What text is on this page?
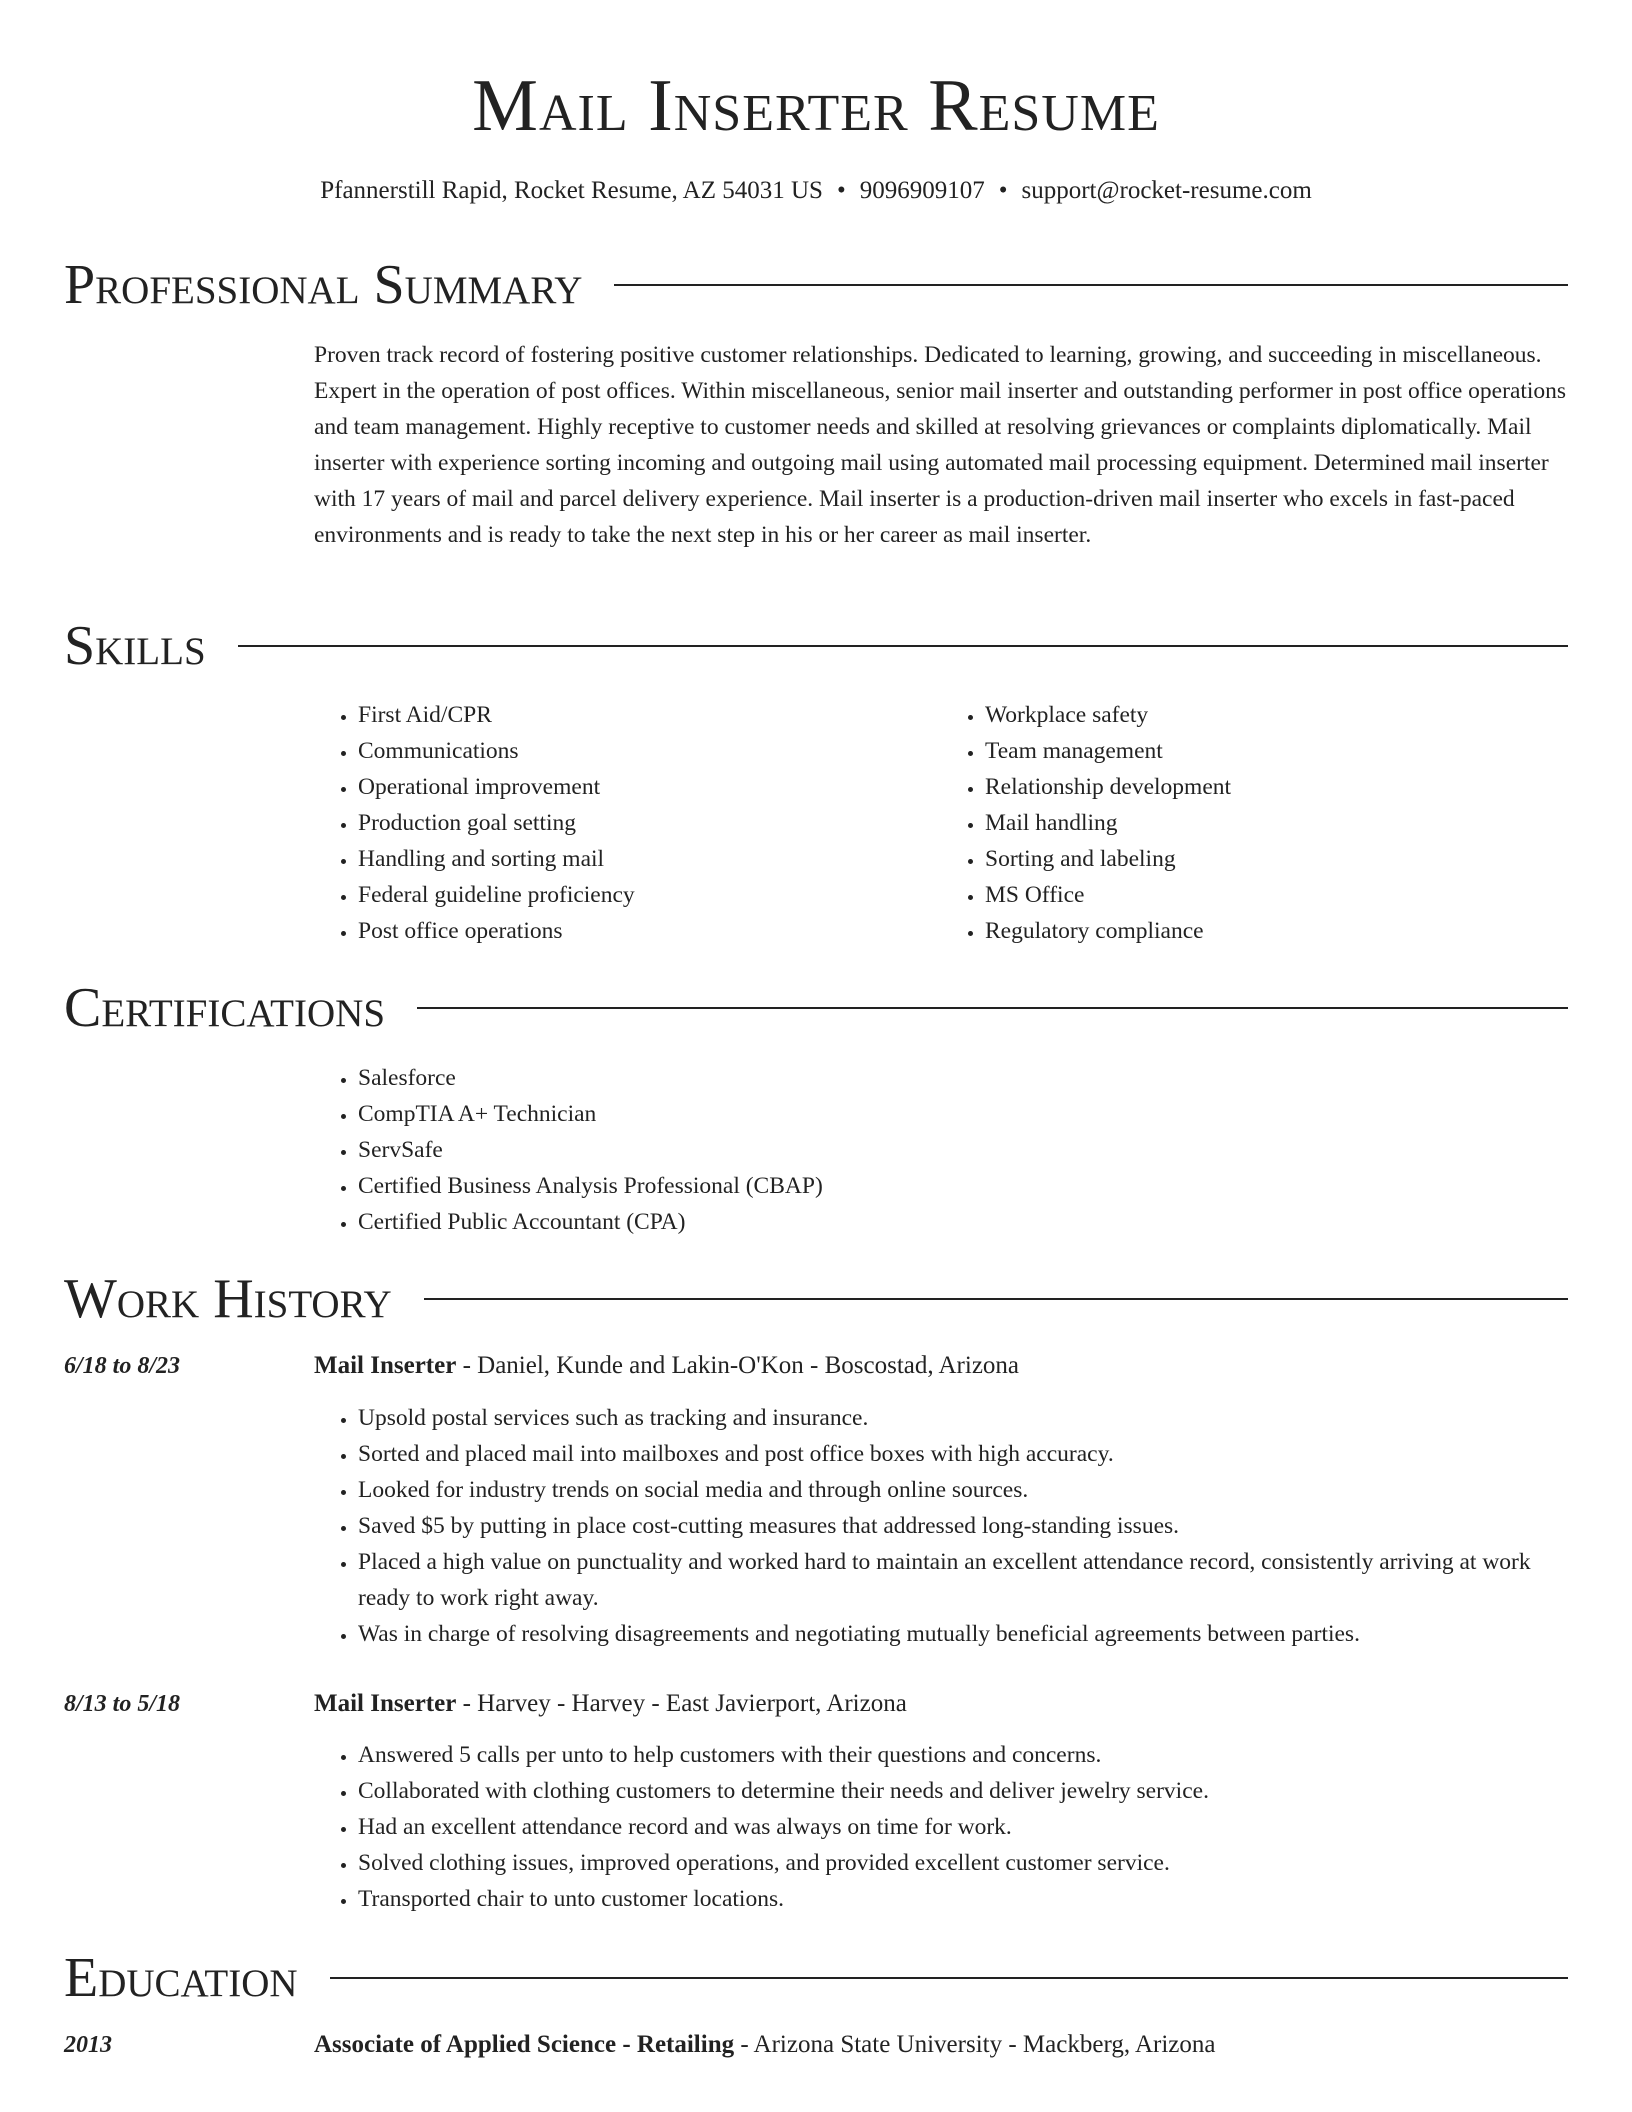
Mail Inserter Resume
Pfannerstill Rapid, Rocket Resume, AZ 54031 US • 9096909107 • support@rocket-resume.com
Professional Summary

Proven track record of fostering positive customer relationships. Dedicated to learning, growing, and succeeding in miscellaneous. Expert in the operation of post offices. Within miscellaneous, senior mail inserter and outstanding performer in post office operations and team management. Highly receptive to customer needs and skilled at resolving grievances or complaints diplomatically. Mail inserter with experience sorting incoming and outgoing mail using automated mail processing equipment. Determined mail inserter with 17 years of mail and parcel delivery experience. Mail inserter is a production-driven mail inserter who excels in fast-paced environments and is ready to take the next step in his or her career as mail inserter.

Skills
• First Aid/CPR
• Communications
• Operational improvement
• Production goal setting
• Handling and sorting mail
• Federal guideline proficiency
• Post office operations
• Workplace safety
• Team management
• Relationship development
• Mail handling
• Sorting and labeling
• MS Office
• Regulatory compliance
Certifications
• Salesforce
• CompTIA A+ Technician
• ServSafe
• Certified Business Analysis Professional (CBAP)
• Certified Public Accountant (CPA)
Work History
6/18 to 8/23	Mail Inserter - Daniel, Kunde and Lakin-O'Kon - Boscostad, Arizona
• Upsold postal services such as tracking and insurance.
• Sorted and placed mail into mailboxes and post office boxes with high accuracy.
• Looked for industry trends on social media and through online sources.
• Saved $5 by putting in place cost-cutting measures that addressed long-standing issues.
• Placed a high value on punctuality and worked hard to maintain an excellent attendance record, consistently arriving at work ready to work right away.
• Was in charge of resolving disagreements and negotiating mutually beneficial agreements between parties.
8/13 to 5/18	Mail Inserter - Harvey - Harvey - East Javierport, Arizona
• Answered 5 calls per unto to help customers with their questions and concerns.
• Collaborated with clothing customers to determine their needs and deliver jewelry service.
• Had an excellent attendance record and was always on time for work.
• Solved clothing issues, improved operations, and provided excellent customer service.
• Transported chair to unto customer locations.
Education
2013	Associate of Applied Science - Retailing - Arizona State University - Mackberg, Arizona
